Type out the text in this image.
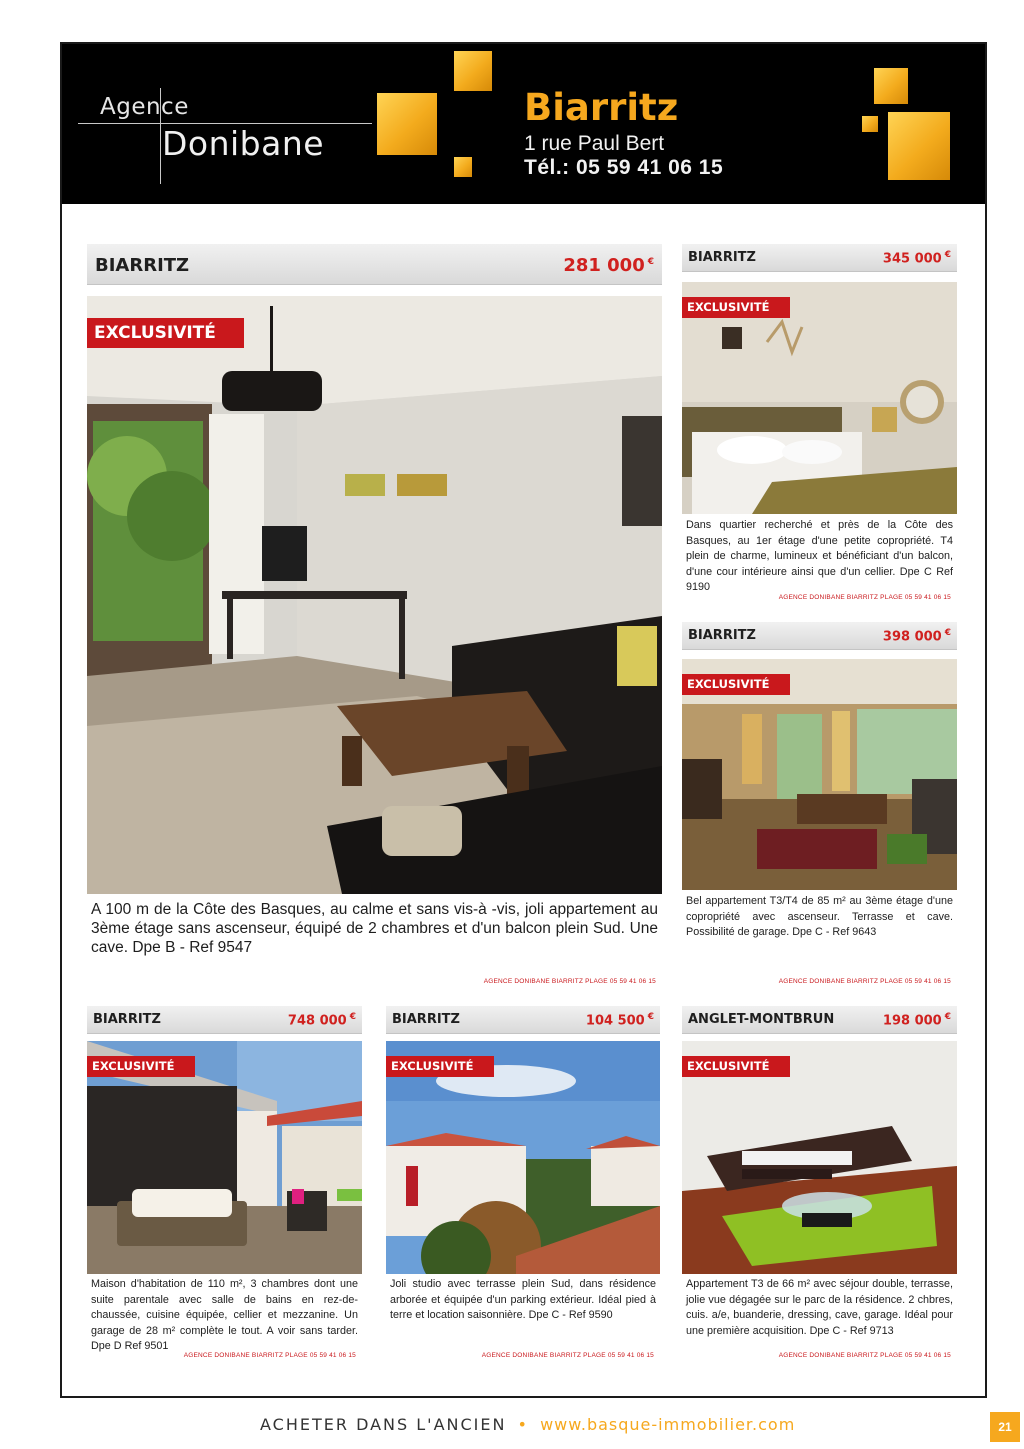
Agence
Donibane
Biarritz
1 rue Paul Bert
Tél.: 05 59 41 06 15
BIARRITZ	281 000 €
EXCLUSIVITÉ
A 100 m de la Côte des Basques, au calme et sans vis-à -vis, joli appartement au 3ème étage sans ascenseur, équipé de 2 chambres et d'un balcon plein Sud. Une cave. Dpe B - Ref 9547
AGENCE DONIBANE BIARRITZ PLAGE 05 59 41 06 15
BIARRITZ	345 000 €
EXCLUSIVITÉ
Dans quartier recherché et près de la Côte des Basques, au 1er étage d'une petite copropriété. T4 plein de charme, lumineux et bénéficiant d'un balcon, d'une cour intérieure ainsi que d'un cellier. Dpe C Ref 9190
AGENCE DONIBANE BIARRITZ PLAGE 05 59 41 06 15
BIARRITZ	398 000 €
EXCLUSIVITÉ
Bel appartement T3/T4 de 85 m² au 3ème étage d'une copropriété avec ascenseur. Terrasse et cave. Possibilité de garage. Dpe C - Ref 9643
AGENCE DONIBANE BIARRITZ PLAGE 05 59 41 06 15
BIARRITZ	748 000 €
EXCLUSIVITÉ
Maison d'habitation de 110 m², 3 chambres dont une suite parentale avec salle de bains en rez-de-chaussée, cuisine équipée, cellier et mezzanine. Un garage de 28 m² complète le tout. A voir sans tarder. Dpe D Ref 9501
AGENCE DONIBANE BIARRITZ PLAGE 05 59 41 06 15
BIARRITZ	104 500 €
EXCLUSIVITÉ
Joli studio avec terrasse plein Sud, dans résidence arborée et équipée d'un parking extérieur. Idéal pied à terre et location saisonnière. Dpe C - Ref 9590
AGENCE DONIBANE BIARRITZ PLAGE 05 59 41 06 15
ANGLET-MONTBRUN	198 000 €
EXCLUSIVITÉ
Appartement T3 de 66 m² avec séjour double, terrasse, jolie vue dégagée sur le parc de la résidence. 2 chbres, cuis. a/e, buanderie, dressing, cave, garage. Idéal pour une première acquisition. Dpe C - Ref 9713
AGENCE DONIBANE BIARRITZ PLAGE 05 59 41 06 15
ACHETER DANS L'ANCIEN • www.basque-immobilier.com	21
